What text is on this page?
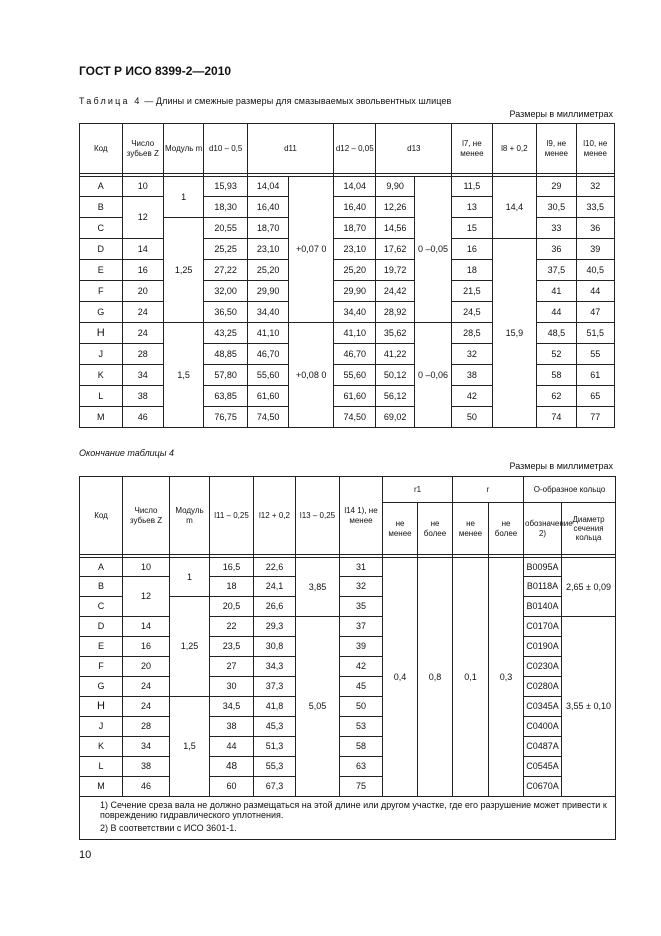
ГОСТ Р ИСО 8399-2—2010
Таблица 4 — Длины и смежные размеры для смазываемых эвольвентных шлицев
Размеры в миллиметрах
Код	Число зубьев Z	Модуль m	d10 – 0,5	d11		d12 – 0,05	d13		l7, не менее	l8 + 0,2	l9, не менее	l10, не менее

A	10	1	15,93	14,04	+0,07 0	14,04	9,90	0 –0,05	11,5	14,4	29	32
B	12		18,30	16,40		16,40	12,26		13		30,5	33,5
C		1,25	20,55	18,70		18,70	14,56		15		33	36
D	14		25,25	23,10		23,10	17,62		16	15,9	36	39
E	16		27,22	25,20		25,20	19,72		18		37,5	40,5
F	20		32,00	29,90		29,90	24,42		21,5		41	44
G	24		36,50	34,40		34,40	28,92		24,5		44	47
H	24	1,5	43,25	41,10	+0,08 0	41,10	35,62	0 –0,06	28,5		48,5	51,5
J	28		48,85	46,70		46,70	41,22		32		52	55
K	34		57,80	55,60		55,60	50,12		38		58	61
L	38		63,85	61,60		61,60	56,12		42		62	65
M	46		76,75	74,50		74,50	69,02		50		74	77
Окончание таблицы 4
Размеры в миллиметрах
Код	Число зубьев Z	Модуль m	l11 – 0,25	l12 + 0,2	l13 – 0,25	l14 1), не менее	r1		r		О-образное кольцо	
							не менее	не более	не менее	не более	обозначение 2)	Диаметр сечения кольца

A	10	1	16,5	22,6	3,85	31	0,4	0,8	0,1	0,3	B0095A	2,65 ± 0,09
B	12		18	24,1		32					B0118A	
C		1,25	20,5	26,6		35					B0140A	
D	14		22	29,3	5,05	37					C0170A	3,55 ± 0,10
E	16		23,5	30,8		39					C0190A	
F	20		27	34,3		42					C0230A	
G	24		30	37,3		45					C0280A	
H	24	1,5	34,5	41,8		50					C0345A	
J	28		38	45,3		53					C0400A	
K	34		44	51,3		58					C0487A	
L	38		48	55,3		63					C0545A	
M	46		60	67,3		75					C0670A	

1) Сечение среза вала не должно размещаться на этой длине или другом участке, где его разрушение может привести к повреждению гидравлического уплотнения.

2) В соответствии с ИСО 3601-1.												

10
